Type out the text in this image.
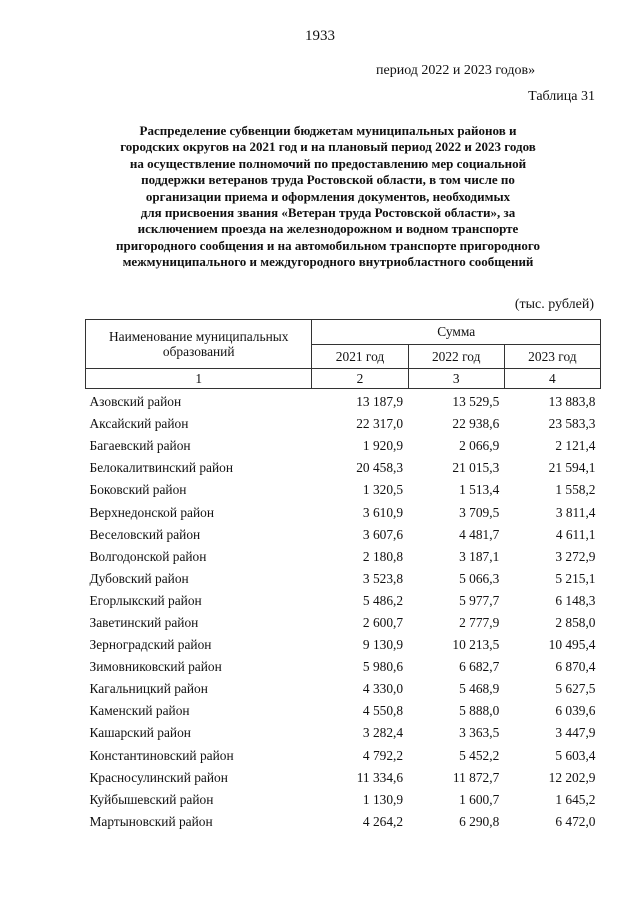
1933
период 2022 и 2023 годов»
Таблица 31
Распределение субвенции бюджетам муниципальных районов и
городских округов на 2021 год и на плановый период 2022 и 2023 годов
на осуществление полномочий по предоставлению мер социальной
поддержки ветеранов труда Ростовской области, в том числе по
организации приема и оформления документов, необходимых
для присвоения звания «Ветеран труда Ростовской области», за
исключением проезда на железнодорожном и водном транспорте
пригородного сообщения и на автомобильном транспорте пригородного
межмуниципального и междугородного внутриобластного сообщений
(тыс. рублей)
Наименование муниципальных образований	Сумма		
	2021 год	2022 год	2023 год
1	2	3	4
Азовский район	13 187,9	13 529,5	13 883,8
Аксайский район	22 317,0	22 938,6	23 583,3
Багаевский район	1 920,9	2 066,9	2 121,4
Белокалитвинский район	20 458,3	21 015,3	21 594,1
Боковский район	1 320,5	1 513,4	1 558,2
Верхнедонской район	3 610,9	3 709,5	3 811,4
Веселовский район	3 607,6	4 481,7	4 611,1
Волгодонской район	2 180,8	3 187,1	3 272,9
Дубовский район	3 523,8	5 066,3	5 215,1
Егорлыкский район	5 486,2	5 977,7	6 148,3
Заветинский район	2 600,7	2 777,9	2 858,0
Зерноградский район	9 130,9	10 213,5	10 495,4
Зимовниковский район	5 980,6	6 682,7	6 870,4
Кагальницкий район	4 330,0	5 468,9	5 627,5
Каменский район	4 550,8	5 888,0	6 039,6
Кашарский район	3 282,4	3 363,5	3 447,9
Константиновский район	4 792,2	5 452,2	5 603,4
Красносулинский район	11 334,6	11 872,7	12 202,9
Куйбышевский район	1 130,9	1 600,7	1 645,2
Мартыновский район	4 264,2	6 290,8	6 472,0
